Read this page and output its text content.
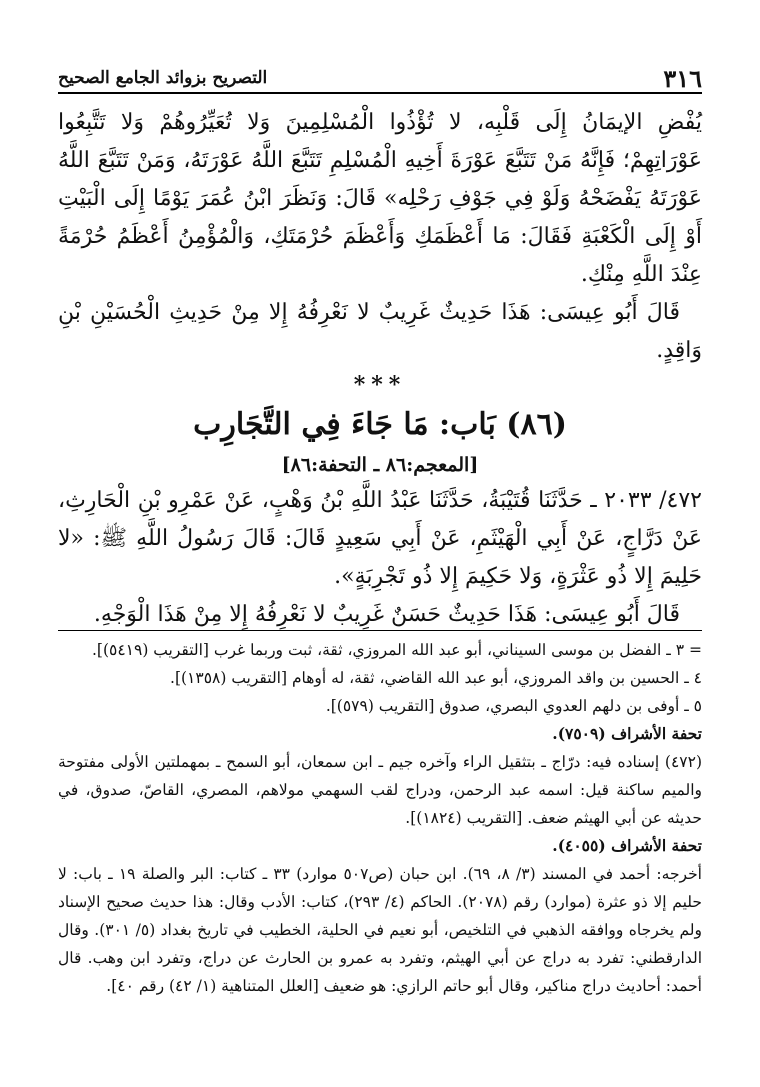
٣١٦
التصريح بزوائد الجامع الصحيح

يُفْضِ الإيمَانُ إِلَى قَلْبِه، لا تُؤْذُوا الْمُسْلِمِينَ وَلا تُعَيِّرُوهُمْ وَلا تَتَّبِعُوا عَوْرَاتِهِمْ؛ فَإِنَّهُ مَنْ تَتَبَّعَ عَوْرَةَ أَخِيهِ الْمُسْلِمِ تَتَبَّعَ اللَّهُ عَوْرَتَهُ، وَمَنْ تَتَبَّعَ اللَّهُ عَوْرَتَهُ يَفْضَحْهُ وَلَوْ فِي جَوْفِ رَحْلِه» قَالَ: وَنَظَرَ ابْنُ عُمَرَ يَوْمًا إِلَى الْبَيْتِ أَوْ إِلَى الْكَعْبَةِ فَقَالَ: مَا أَعْظَمَكِ وَأَعْظَمَ حُرْمَتَكِ، وَالْمُؤْمِنُ أَعْظَمُ حُرْمَةً عِنْدَ اللَّهِ مِنْكِ.

قَالَ أَبُو عِيسَى: هَذَا حَدِيثٌ غَرِيبٌ لا نَعْرِفُهُ إِلا مِنْ حَدِيثِ الْحُسَيْنِ بْنِ وَاقِدٍ.

***

(٨٦) بَاب: مَا جَاءَ فِي التَّجَارِب

[المعجم:٨٦ ـ التحفة:٨٦]

٤٧٢/ ٢٠٣٣ ـ حَدَّثَنَا قُتَيْبَةُ، حَدَّثَنَا عَبْدُ اللَّهِ بْنُ وَهْبٍ، عَنْ عَمْرِو بْنِ الْحَارِثِ، عَنْ دَرَّاجٍ، عَنْ أَبِي الْهَيْثَمِ، عَنْ أَبِي سَعِيدٍ قَالَ: قَالَ رَسُولُ اللَّهِ ﷺ: «لا حَلِيمَ إِلا ذُو عَثْرَةٍ، وَلا حَكِيمَ إِلا ذُو تَجْرِبَةٍ».

قَالَ أَبُو عِيسَى: هَذَا حَدِيثٌ حَسَنٌ غَرِيبٌ لا نَعْرِفُهُ إِلا مِنْ هَذَا الْوَجْهِ.

= ٣ ـ الفضل بن موسى السيناني، أبو عبد الله المروزي، ثقة، ثبت وربما غرب [التقريب (٥٤١٩)].

٤ ـ الحسين بن واقد المروزي، أبو عبد الله القاضي، ثقة، له أوهام [التقريب (١٣٥٨)].

٥ ـ أوفى بن دلهم العدوي البصري، صدوق [التقريب (٥٧٩)].

تحفة الأشراف (٧٥٠٩).

(٤٧٢) إسناده فيه: درّاج ـ بتثقيل الراء وآخره جيم ـ ابن سمعان، أبو السمح ـ بمهملتين الأولى مفتوحة والميم ساكنة قيل: اسمه عبد الرحمن، ودراج لقب السهمي مولاهم، المصري، القاصّ، صدوق، في حديثه عن أبي الهيثم ضعف. [التقريب (١٨٢٤)].

تحفة الأشراف (٤٠٥٥).

أخرجه: أحمد في المسند (٣/ ٨، ٦٩). ابن حبان (ص٥٠٧ موارد) ٣٣ ـ كتاب: البر والصلة ١٩ ـ باب: لا حليم إلا ذو عثرة (موارد) رقم (٢٠٧٨). الحاكم (٤/ ٢٩٣)، كتاب: الأدب وقال: هذا حديث صحيح الإسناد ولم يخرجاه ووافقه الذهبي في التلخيص، أبو نعيم في الحلية، الخطيب في تاريخ بغداد (٥/ ٣٠١). وقال الدارقطني: تفرد به دراج عن أبي الهيثم، وتفرد به عمرو بن الحارث عن دراج، وتفرد ابن وهب. قال أحمد: أحاديث دراج مناكير، وقال أبو حاتم الرازي: هو ضعيف [العلل المتناهية (١/ ٤٢) رقم ٤٠].
